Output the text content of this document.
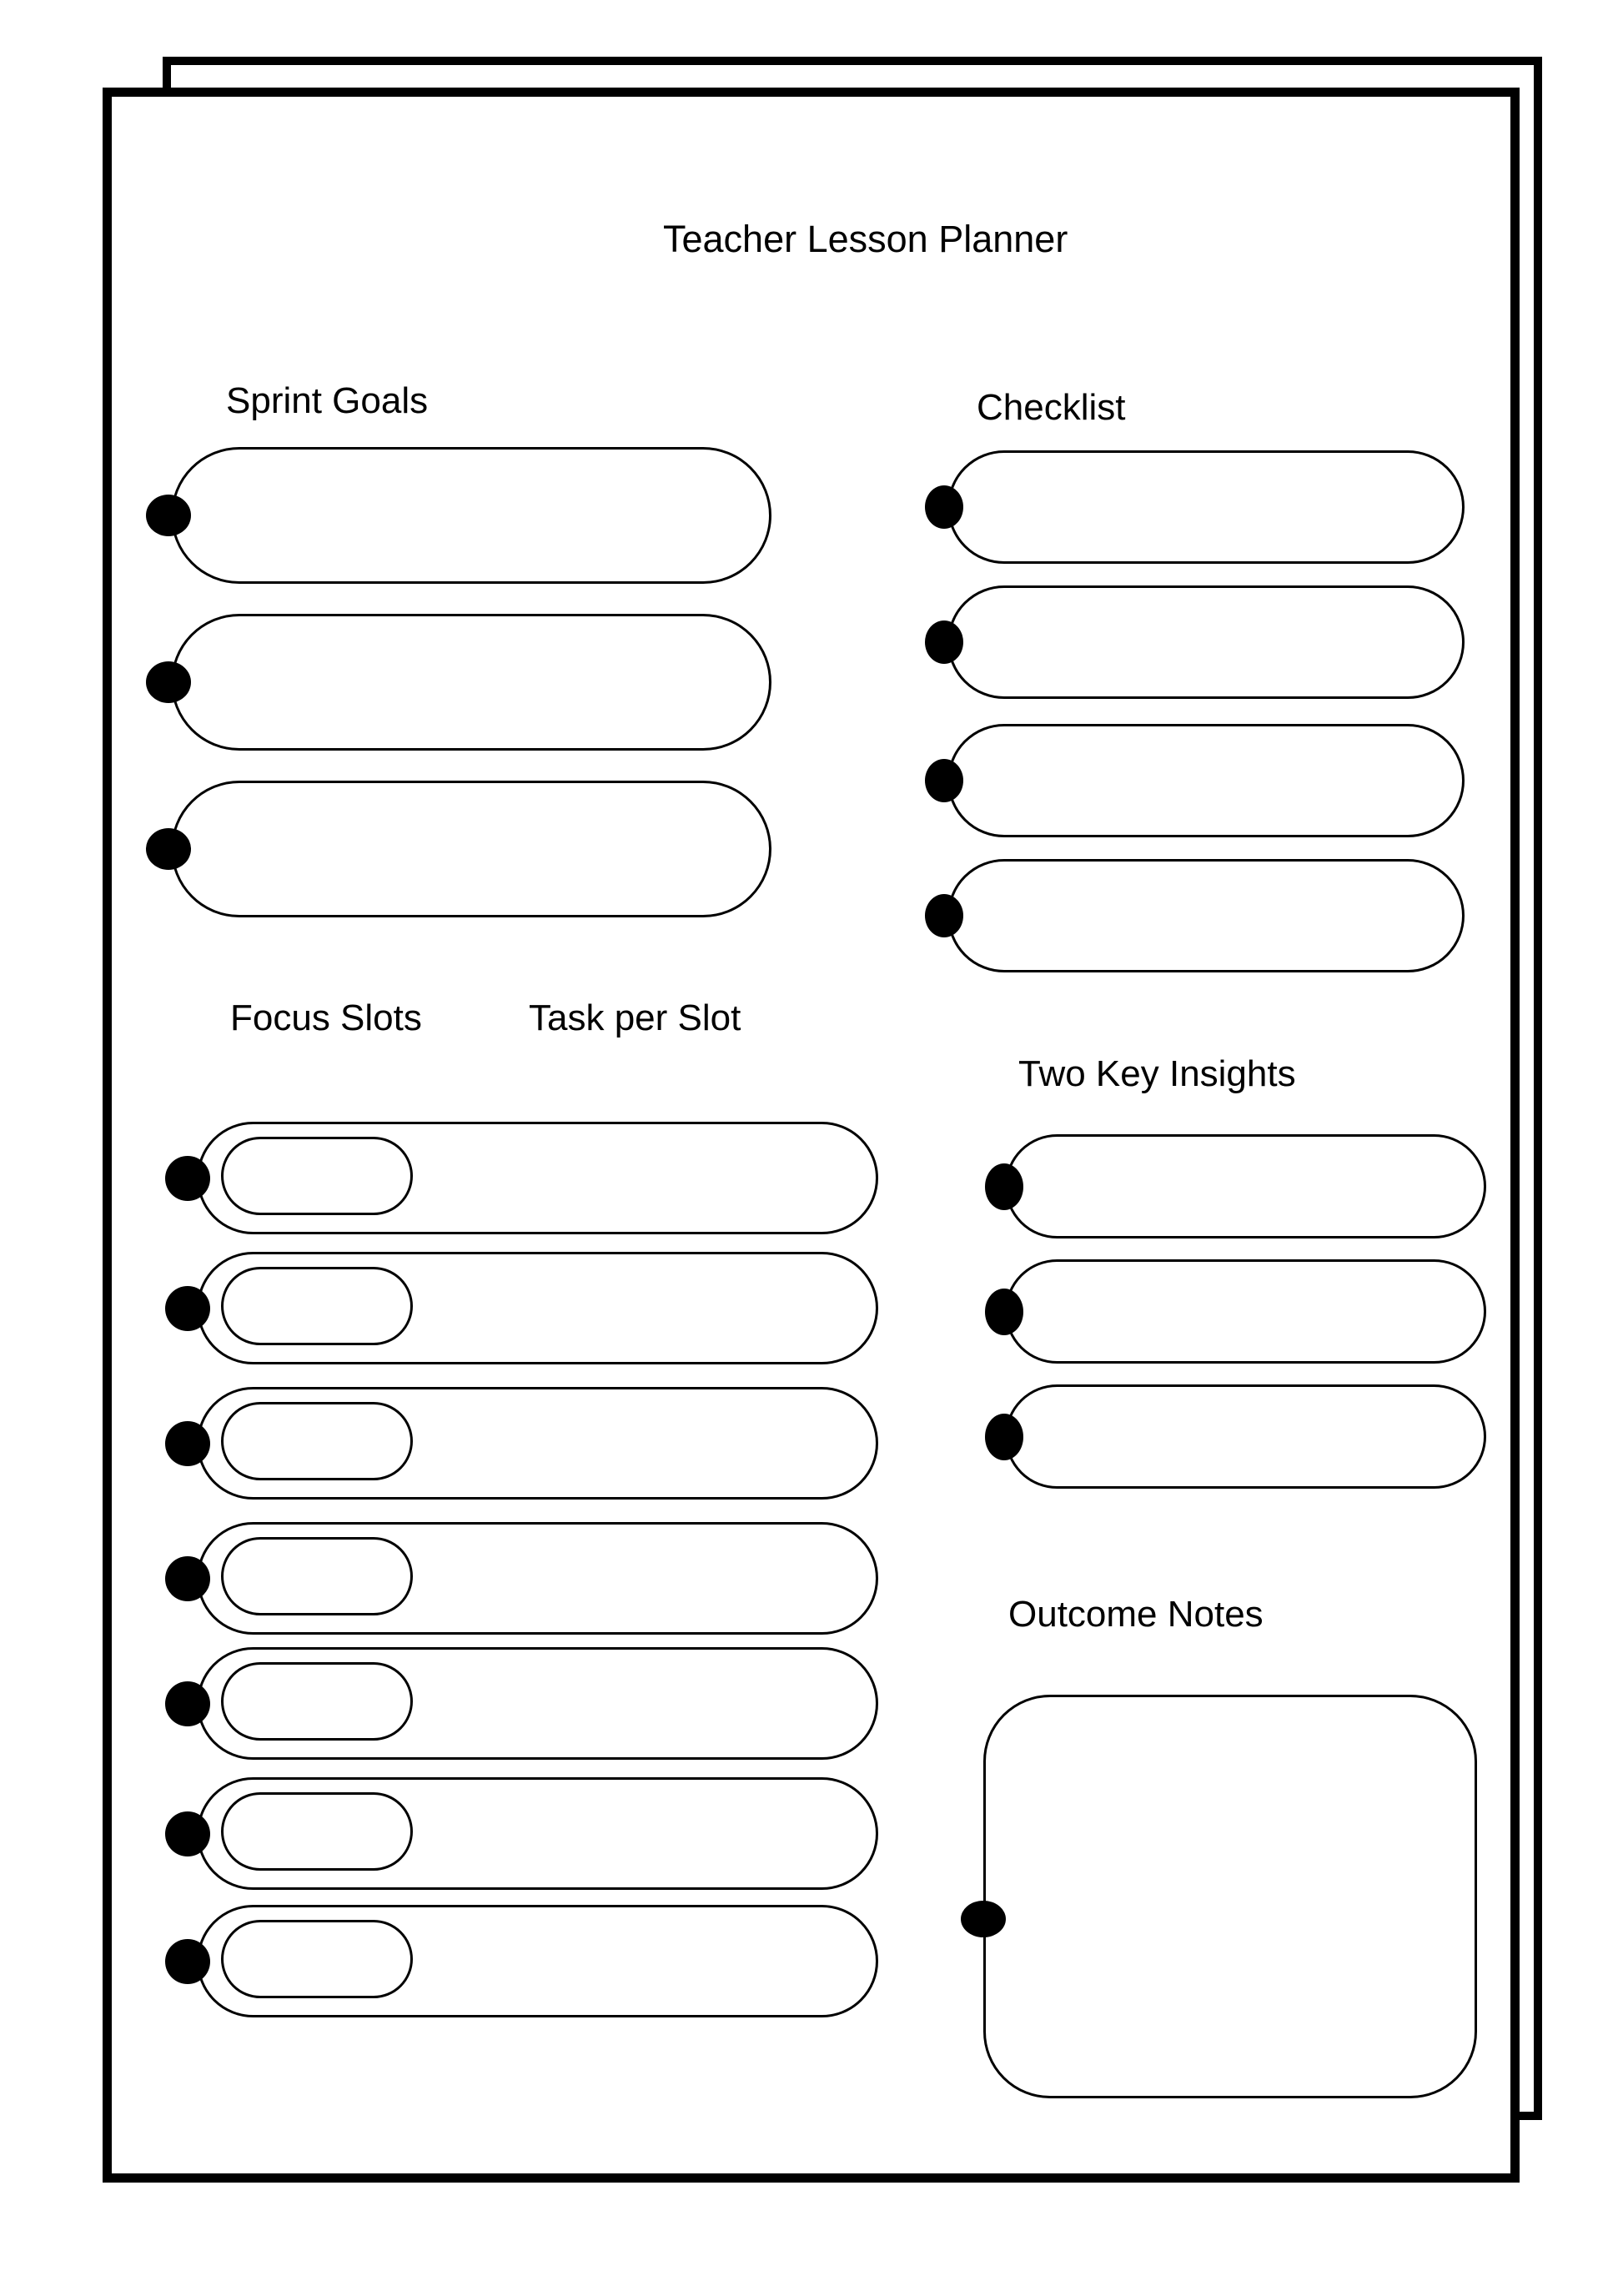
Teacher Lesson Planner
Sprint Goals	Checklist
Focus Slots	Task per Slot
Two Key Insights
Outcome Notes
